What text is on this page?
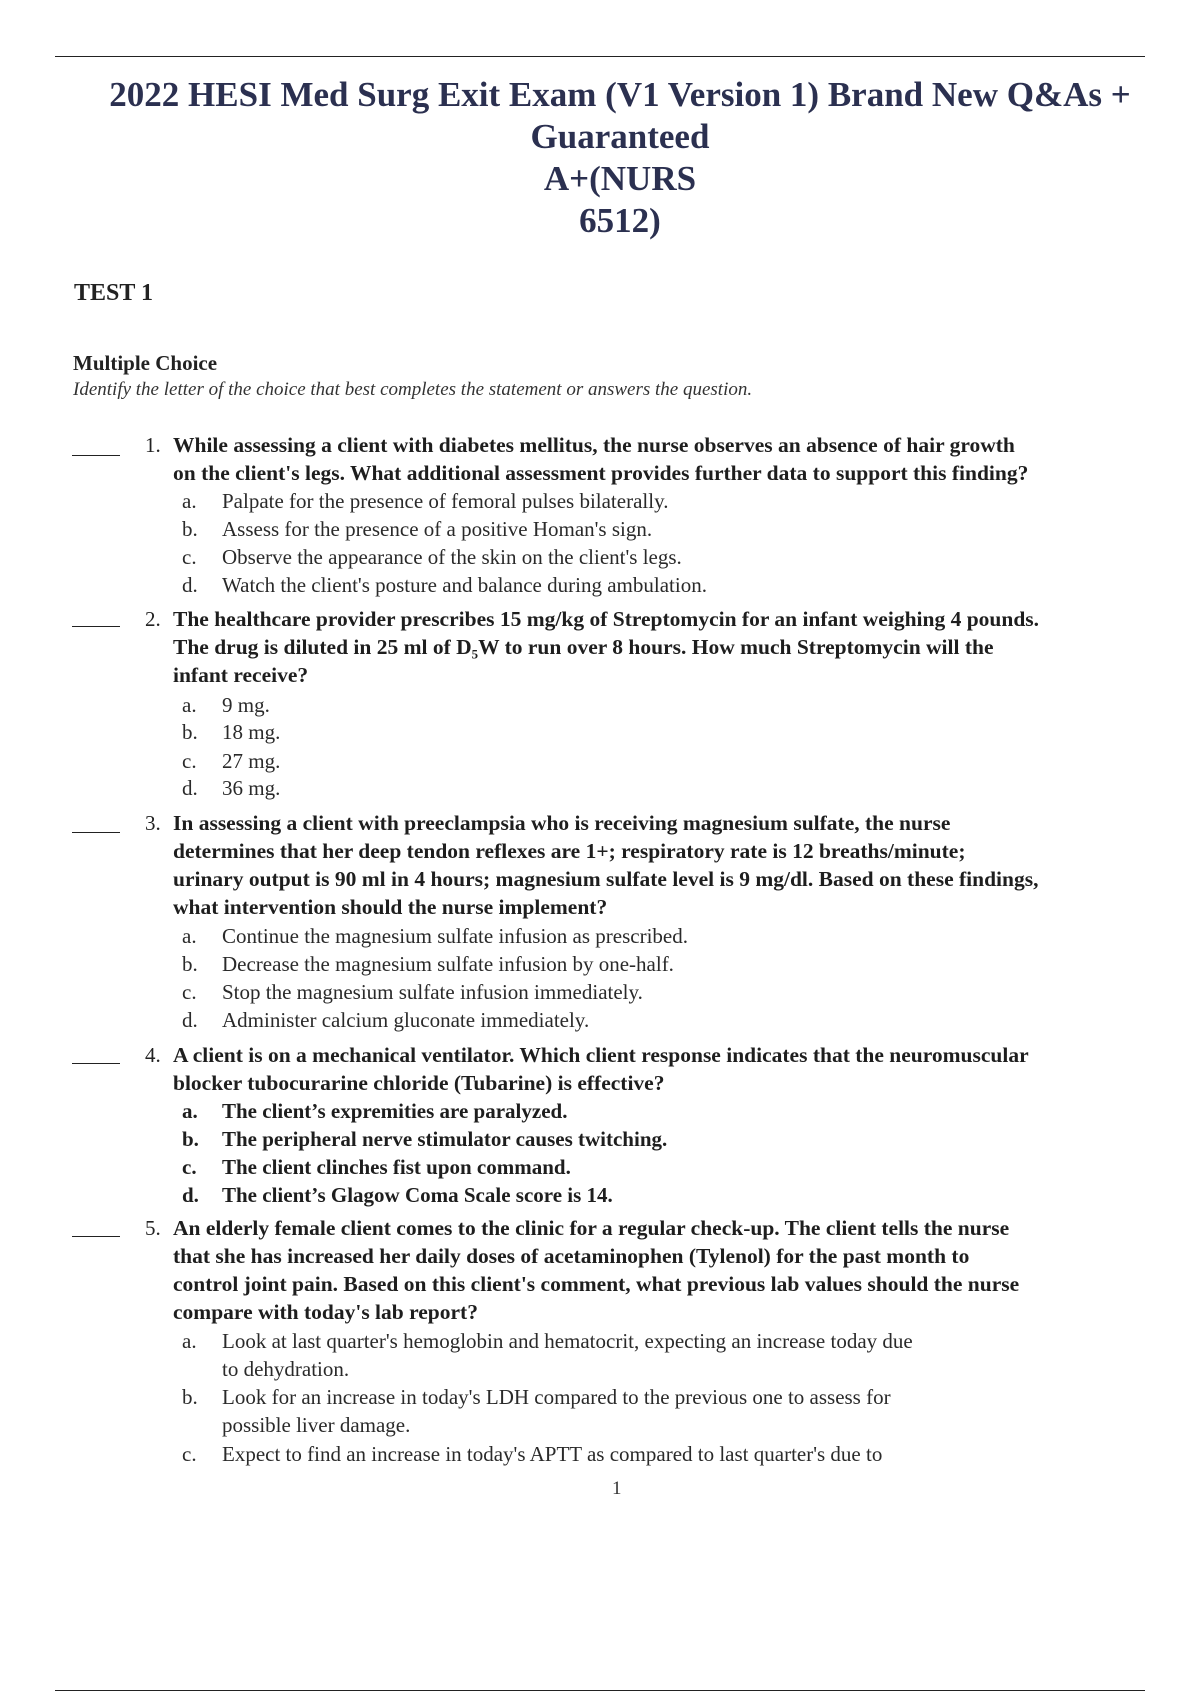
2022 HESI Med Surg Exit Exam (V1 Version 1) Brand New Q&As +
Guaranteed
A+(NURS
6512)
TEST 1
Multiple Choice
Identify the letter of the choice that best completes the statement or answers the question.
1. While assessing a client with diabetes mellitus, the nurse observes an absence of hair growth
on the client's legs. What additional assessment provides further data to support this finding?
a. Palpate for the presence of femoral pulses bilaterally.
b. Assess for the presence of a positive Homan's sign.
c. Observe the appearance of the skin on the client's legs.
d. Watch the client's posture and balance during ambulation.
2. The healthcare provider prescribes 15 mg/kg of Streptomycin for an infant weighing 4 pounds.
The drug is diluted in 25 ml of D₅W to run over 8 hours. How much Streptomycin will the
infant receive?
a. 9 mg.
b. 18 mg.
c. 27 mg.
d. 36 mg.
3. In assessing a client with preeclampsia who is receiving magnesium sulfate, the nurse
determines that her deep tendon reflexes are 1+; respiratory rate is 12 breaths/minute;
urinary output is 90 ml in 4 hours; magnesium sulfate level is 9 mg/dl. Based on these findings,
what intervention should the nurse implement?
a. Continue the magnesium sulfate infusion as prescribed.
b. Decrease the magnesium sulfate infusion by one-half.
c. Stop the magnesium sulfate infusion immediately.
d. Administer calcium gluconate immediately.
4. A client is on a mechanical ventilator. Which client response indicates that the neuromuscular
blocker tubocurarine chloride (Tubarine) is effective?
a. The client’s expremities are paralyzed.
b. The peripheral nerve stimulator causes twitching.
c. The client clinches fist upon command.
d. The client’s Glagow Coma Scale score is 14.
5. An elderly female client comes to the clinic for a regular check-up. The client tells the nurse
that she has increased her daily doses of acetaminophen (Tylenol) for the past month to
control joint pain. Based on this client's comment, what previous lab values should the nurse
compare with today's lab report?
a. Look at last quarter's hemoglobin and hematocrit, expecting an increase today due
to dehydration.
b. Look for an increase in today's LDH compared to the previous one to assess for
possible liver damage.
c. Expect to find an increase in today's APTT as compared to last quarter's due to
1
